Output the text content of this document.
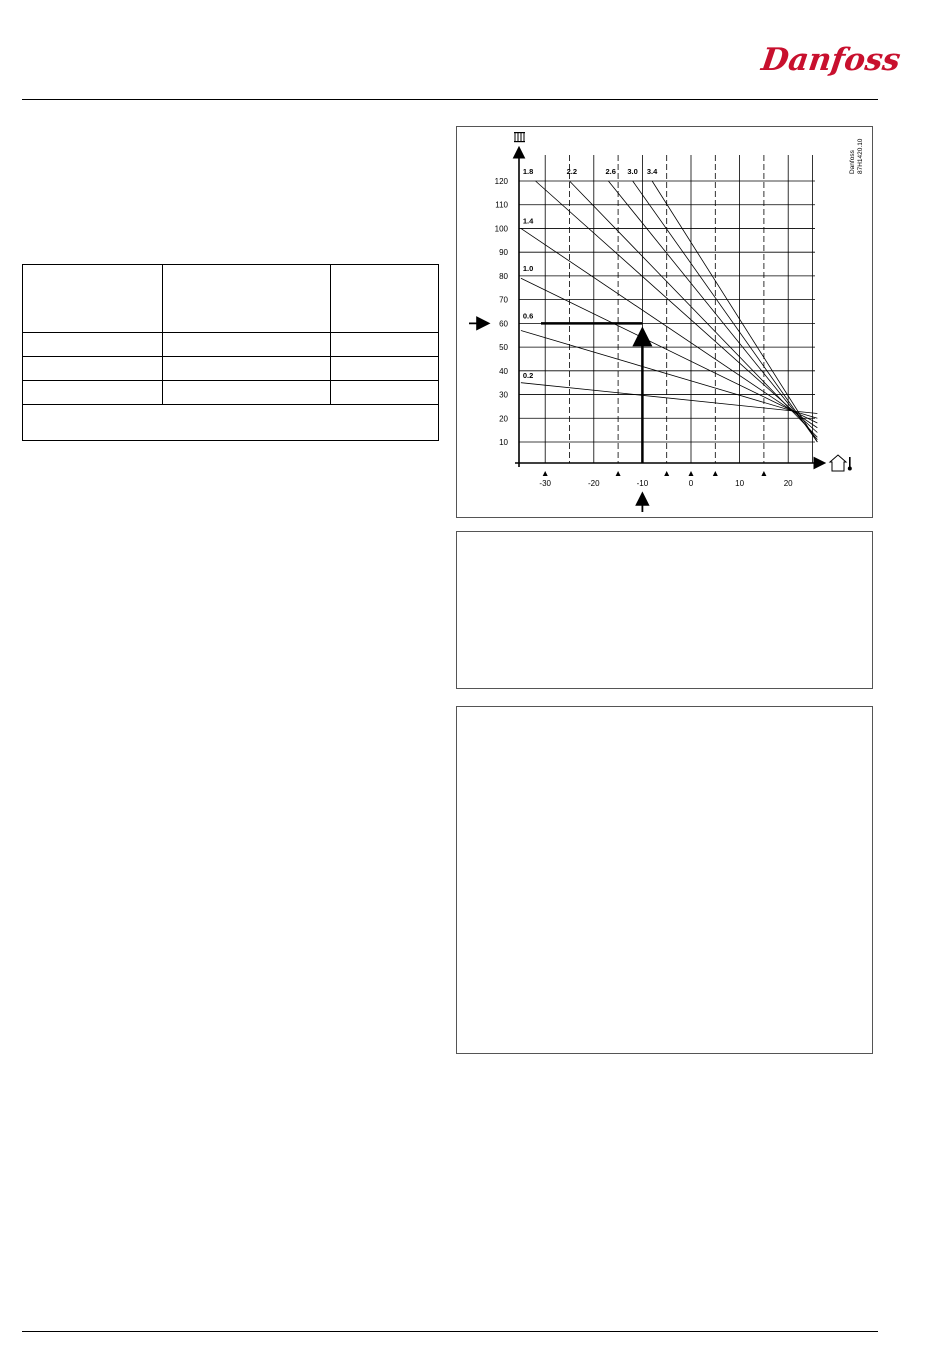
Danfoss

10
20
30
40
50
60
70
80
90
100
110
120
-30	-20	-10	0	10	20
0.2
0.6
1.0
1.4
1.8	2.2	2.6 3.0 3.4	Danfoss 87H1420.10
